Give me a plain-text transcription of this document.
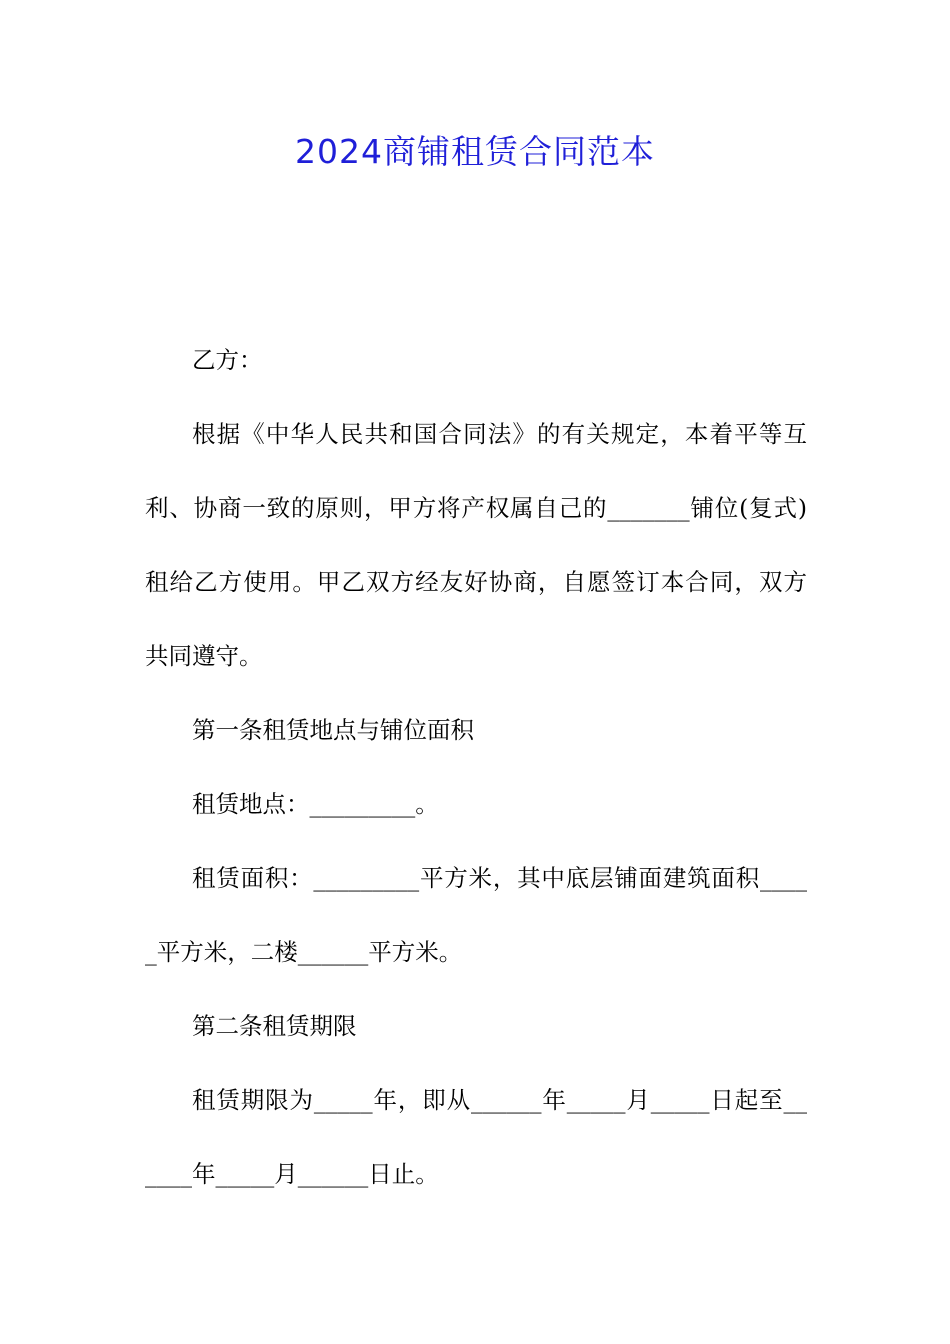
2024商铺租赁合同范本
乙方：
根据《中华人民共和国合同法》的有关规定，本着平等互
利、协商一致的原则，甲方将产权属自己的_______铺位(复式)
租给乙方使用。甲乙双方经友好协商，自愿签订本合同，双方
共同遵守。
第一条租赁地点与铺位面积
租赁地点：_________。
租赁面积：_________平方米，其中底层铺面建筑面积____
_平方米，二楼______平方米。
第二条租赁期限
租赁期限为_____年，即从______年_____月_____日起至__
____年_____月______日止。
